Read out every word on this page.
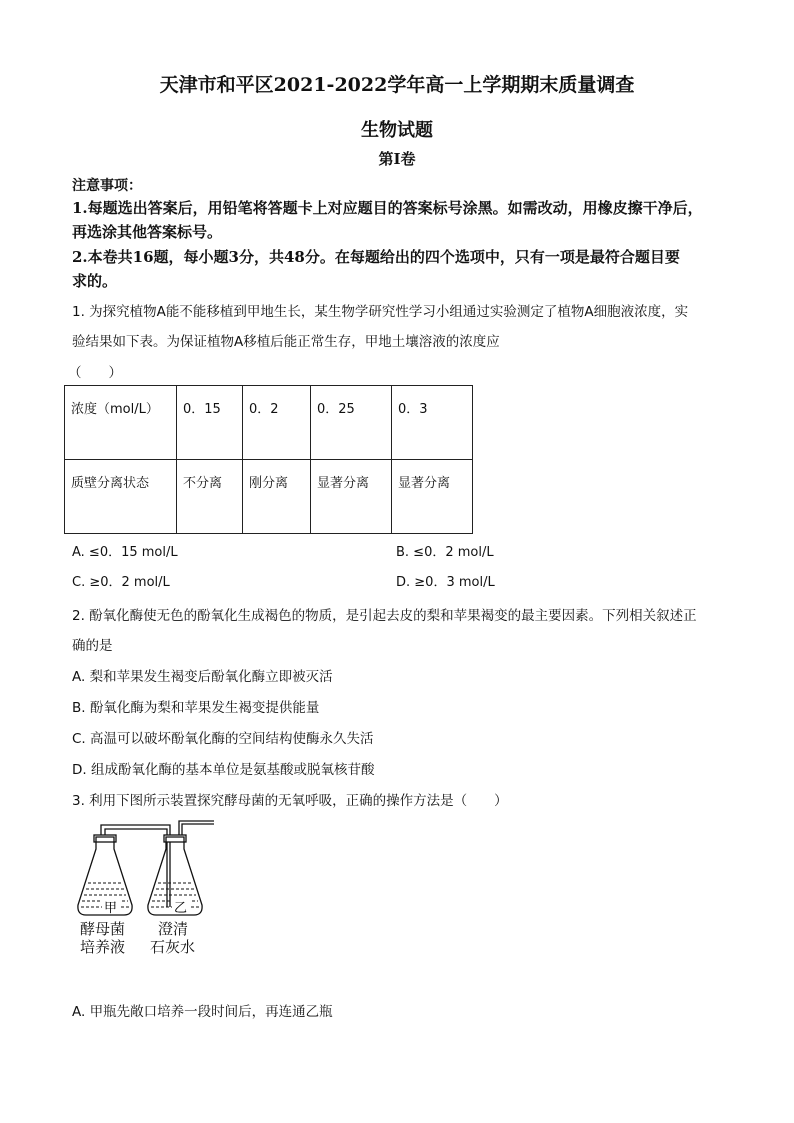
天津市和平区2021-2022学年高一上学期期末质量调查
生物试题
第I卷
注意事项：
1.每题选出答案后，用铅笔将答题卡上对应题目的答案标号涂黑。如需改动，用橡皮擦干净后，
再选涂其他答案标号。
2.本卷共16题，每小题3分，共48分。在每题给出的四个选项中，只有一项是最符合题目要
求的。
1. 为探究植物A能不能移植到甲地生长，某生物学研究性学习小组通过实验测定了植物A细胞液浓度，实
验结果如下表。为保证植物A移植后能正常生存，甲地土壤溶液的浓度应
（　　）
浓度（mol/L）	0．15	0．2	0．25	0．3
质壁分离状态	不分离	刚分离	显著分离	显著分离
A. ≤0．15 mol/L	B. ≤0．2 mol/L
C. ≥0．2 mol/L	D. ≥0．3 mol/L
2. 酚氧化酶使无色的酚氧化生成褐色的物质，是引起去皮的梨和苹果褐变的最主要因素。下列相关叙述正
确的是
A. 梨和苹果发生褐变后酚氧化酶立即被灭活
B. 酚氧化酶为梨和苹果发生褐变提供能量
C. 高温可以破坏酚氧化酶的空间结构使酶永久失活
D. 组成酚氧化酶的基本单位是氨基酸或脱氧核苷酸
3. 利用下图所示装置探究酵母菌的无氧呼吸，正确的操作方法是（　　）
甲	乙
酵母菌
培养液
澄清
石灰水
A. 甲瓶先敞口培养一段时间后，再连通乙瓶
